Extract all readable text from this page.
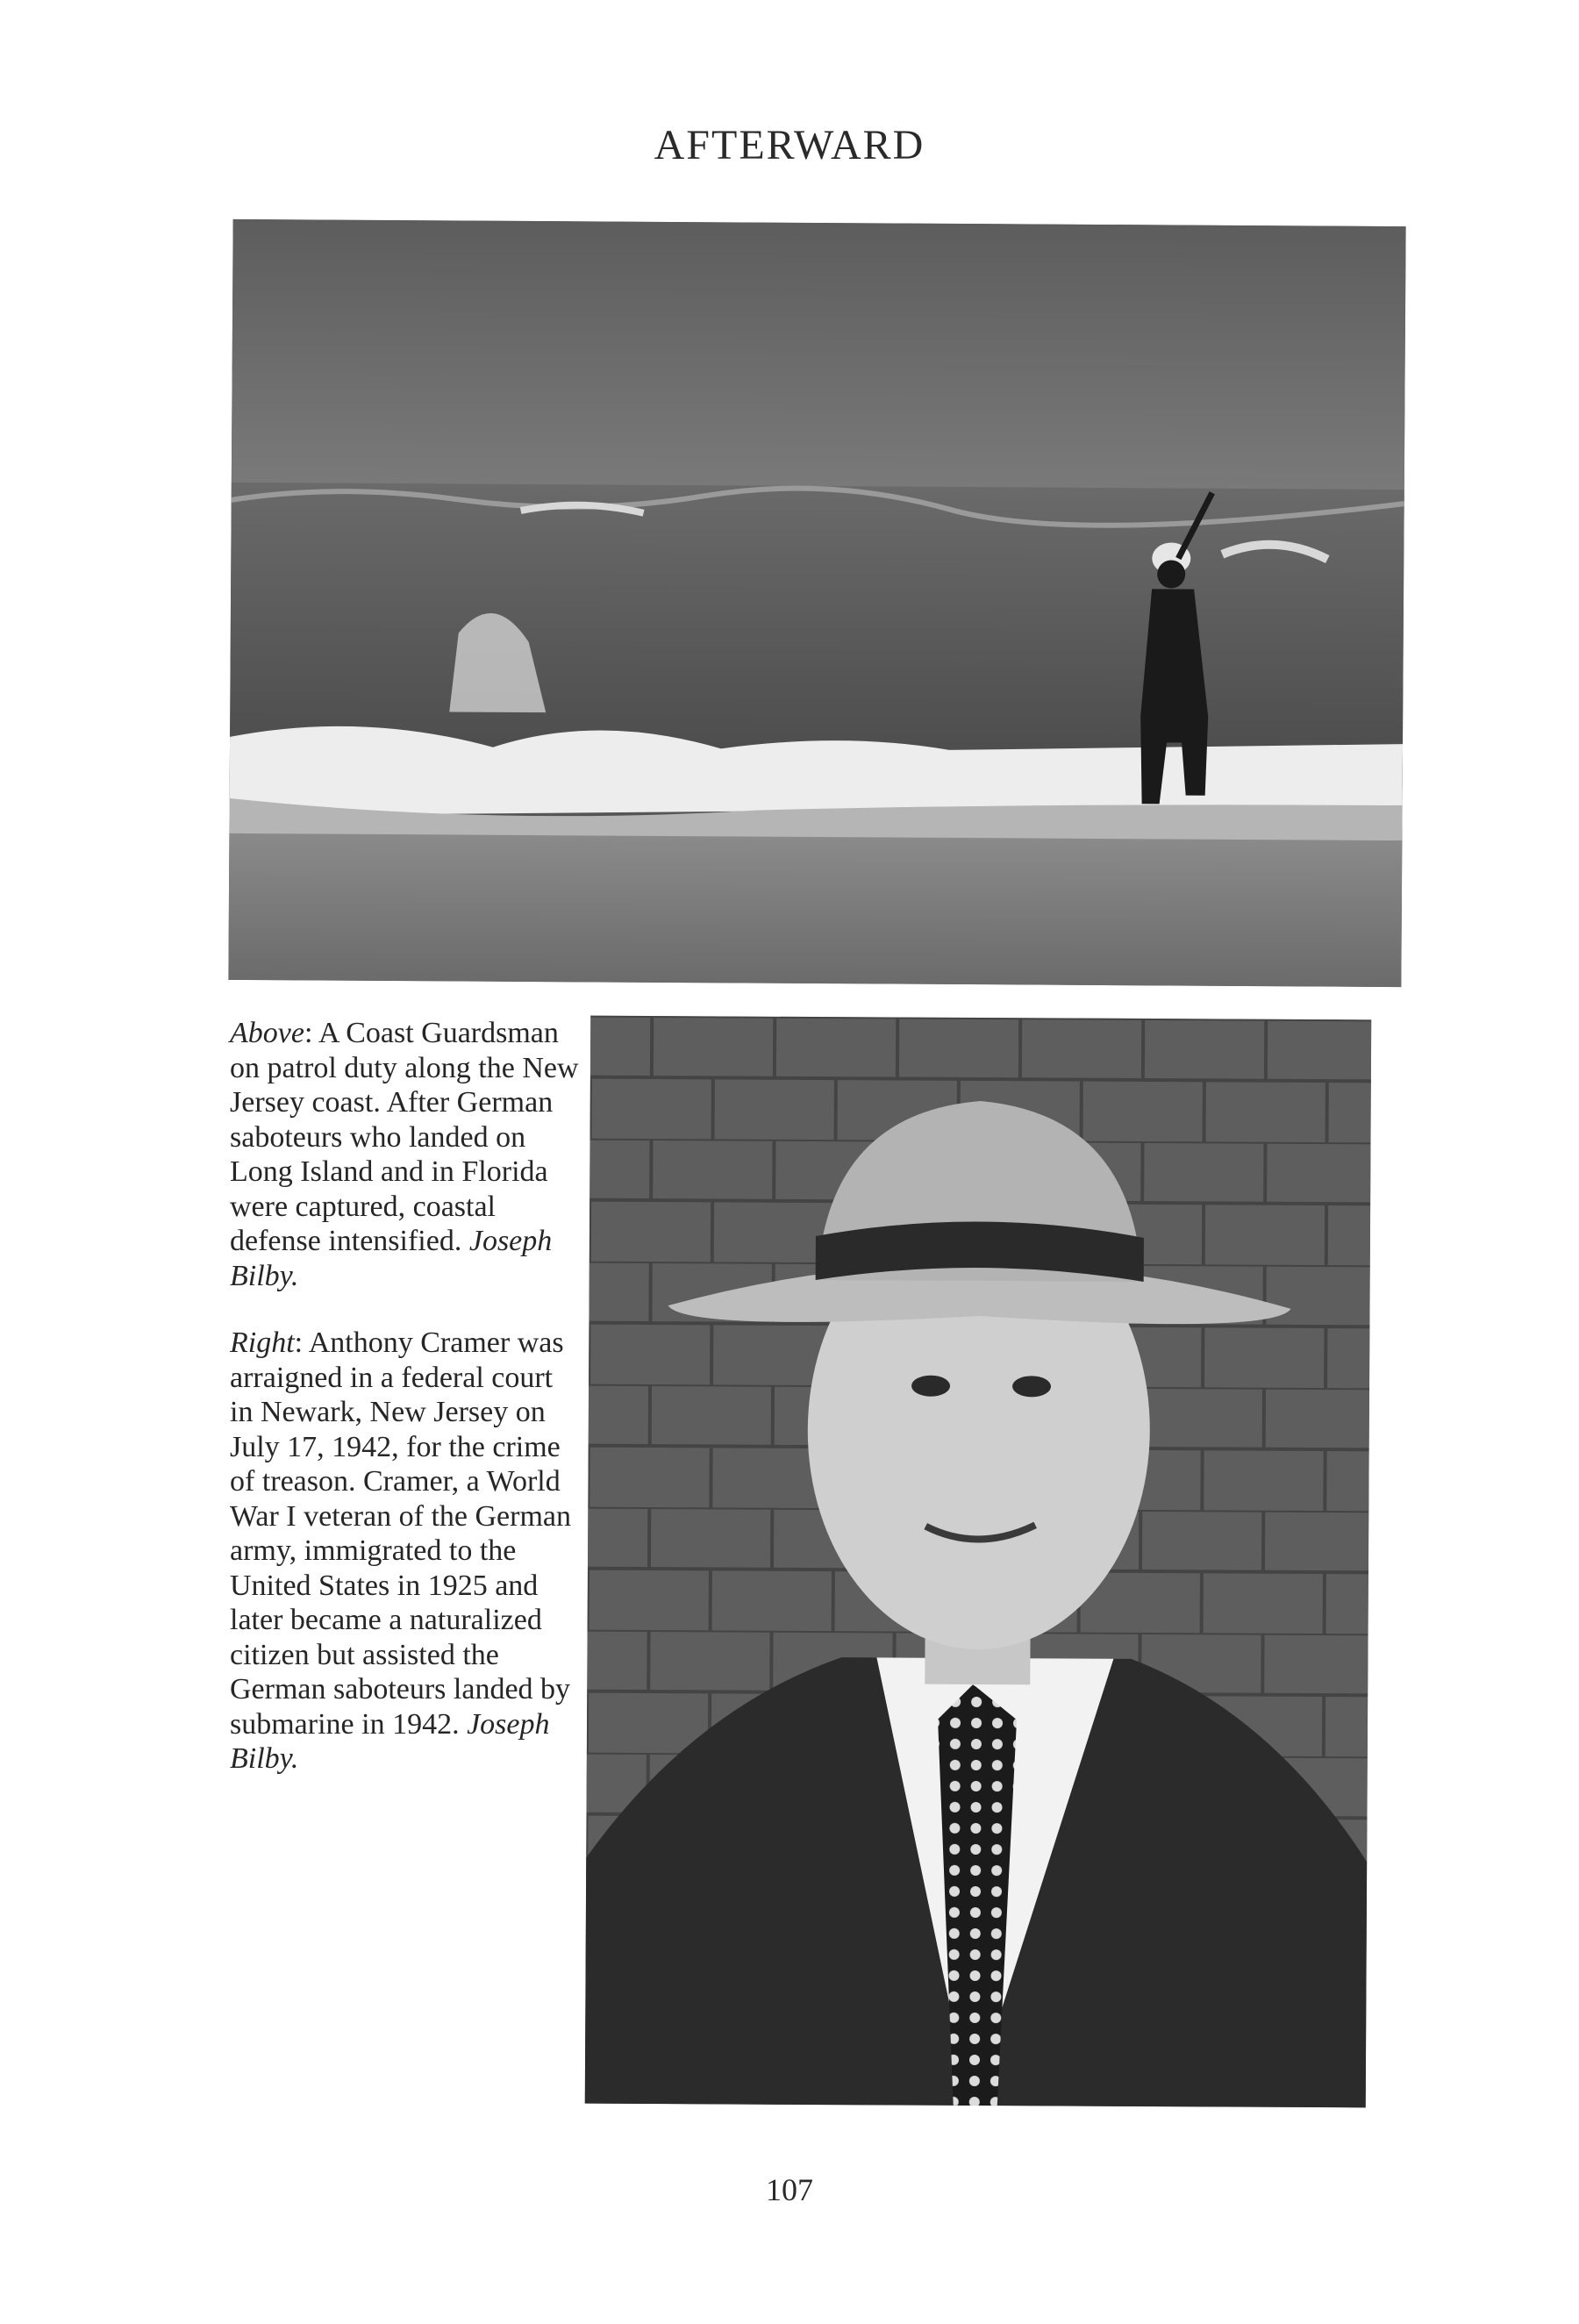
AFTERWARD
Above: A Coast Guardsman on patrol duty along the New Jersey coast. After German saboteurs who landed on Long Island and in Florida were captured, coastal defense intensified. Joseph Bilby.
Right: Anthony Cramer was arraigned in a federal court in Newark, New Jersey on July 17, 1942, for the crime of treason. Cramer, a World War I veteran of the German army, immigrated to the United States in 1925 and later became a naturalized citizen but assisted the German saboteurs landed by submarine in 1942. Joseph Bilby.
107
